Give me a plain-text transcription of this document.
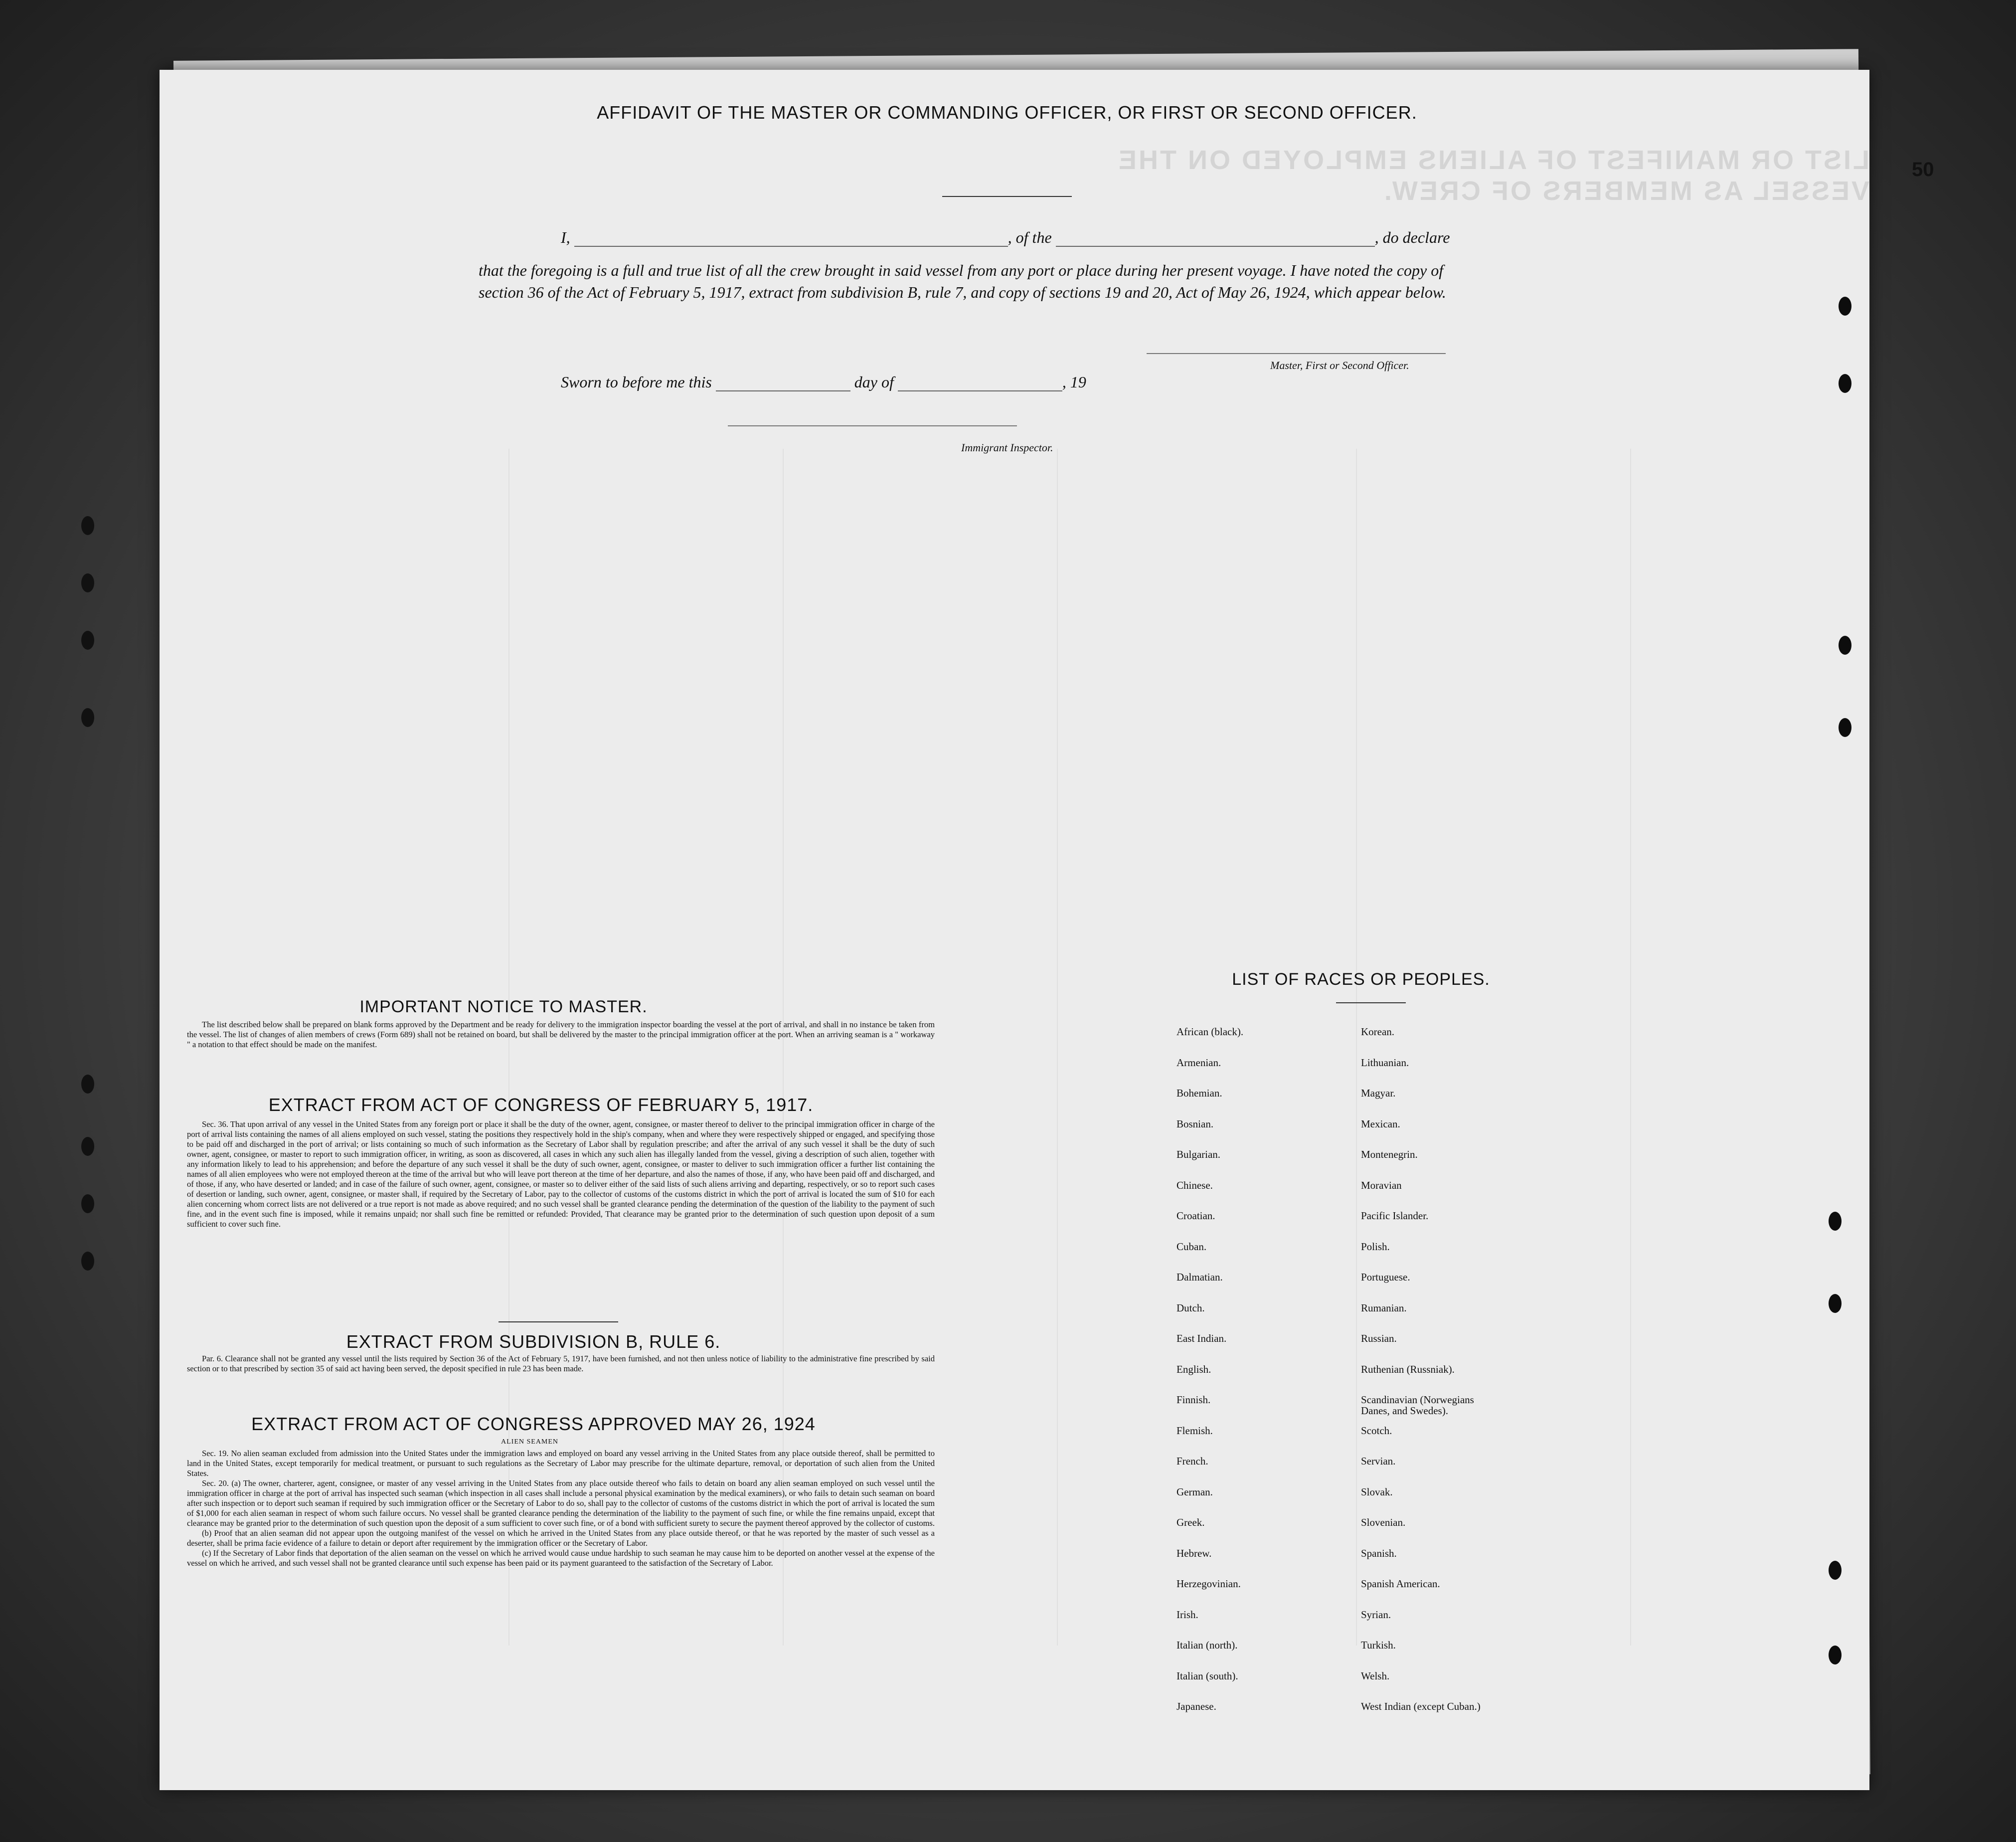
LIST OR MANIFEST OF ALIENS EMPLOYED ON THE VESSEL AS MEMBERS OF CREW.
50
AFFIDAVIT OF THE MASTER OR COMMANDING OFFICER, OR FIRST OR SECOND OFFICER.
I,	, of the	, do declare
that the foregoing is a full and true list of all the crew brought in said vessel from any port or place during her present voyage. I have noted the copy of section 36 of the Act of February 5, 1917, extract from subdivision B, rule 7, and copy of sections 19 and 20, Act of May 26, 1924, which appear below.
Master, First or Second Officer.
Sworn to before me this	day of	, 19
Immigrant Inspector.
IMPORTANT NOTICE TO MASTER.

The list described below shall be prepared on blank forms approved by the Department and be ready for delivery to the immigration inspector boarding the vessel at the port of arrival, and shall in no instance be taken from the vessel. The list of changes of alien members of crews (Form 689) shall not be retained on board, but shall be delivered by the master to the principal immigration officer at the port. When an arriving seaman is a " workaway " a notation to that effect should be made on the manifest.

EXTRACT FROM ACT OF CONGRESS OF FEBRUARY 5, 1917.

Sec. 36. That upon arrival of any vessel in the United States from any foreign port or place it shall be the duty of the owner, agent, consignee, or master thereof to deliver to the principal immigration officer in charge of the port of arrival lists containing the names of all aliens employed on such vessel, stating the positions they respectively hold in the ship's company, when and where they were respectively shipped or engaged, and specifying those to be paid off and discharged in the port of arrival; or lists containing so much of such information as the Secretary of Labor shall by regulation prescribe; and after the arrival of any such vessel it shall be the duty of such owner, agent, consignee, or master to report to such immigration officer, in writing, as soon as discovered, all cases in which any such alien has illegally landed from the vessel, giving a description of such alien, together with any information likely to lead to his apprehension; and before the departure of any such vessel it shall be the duty of such owner, agent, consignee, or master to deliver to such immigration officer a further list containing the names of all alien employees who were not employed thereon at the time of the arrival but who will leave port thereon at the time of her departure, and also the names of those, if any, who have been paid off and discharged, and of those, if any, who have deserted or landed; and in case of the failure of such owner, agent, consignee, or master so to deliver either of the said lists of such aliens arriving and departing, respectively, or so to report such cases of desertion or landing, such owner, agent, consignee, or master shall, if required by the Secretary of Labor, pay to the collector of customs of the customs district in which the port of arrival is located the sum of $10 for each alien concerning whom correct lists are not delivered or a true report is not made as above required; and no such vessel shall be granted clearance pending the determination of the question of the liability to the payment of such fine, and in the event such fine is imposed, while it remains unpaid; nor shall such fine be remitted or refunded: Provided, That clearance may be granted prior to the determination of such question upon deposit of a sum sufficient to cover such fine.

EXTRACT FROM SUBDIVISION B, RULE 6.

Par. 6. Clearance shall not be granted any vessel until the lists required by Section 36 of the Act of February 5, 1917, have been furnished, and not then unless notice of liability to the administrative fine prescribed by said section or to that prescribed by section 35 of said act having been served, the deposit specified in rule 23 has been made.

EXTRACT FROM ACT OF CONGRESS APPROVED MAY 26, 1924
ALIEN SEAMEN

Sec. 19. No alien seaman excluded from admission into the United States under the immigration laws and employed on board any vessel arriving in the United States from any place outside thereof, shall be permitted to land in the United States, except temporarily for medical treatment, or pursuant to such regulations as the Secretary of Labor may prescribe for the ultimate departure, removal, or deportation of such alien from the United States.

Sec. 20. (a) The owner, charterer, agent, consignee, or master of any vessel arriving in the United States from any place outside thereof who fails to detain on board any alien seaman employed on such vessel until the immigration officer in charge at the port of arrival has inspected such seaman (which inspection in all cases shall include a personal physical examination by the medical examiners), or who fails to detain such seaman on board after such inspection or to deport such seaman if required by such immigration officer or the Secretary of Labor to do so, shall pay to the collector of customs of the customs district in which the port of arrival is located the sum of $1,000 for each alien seaman in respect of whom such failure occurs. No vessel shall be granted clearance pending the determination of the liability to the payment of such fine, or while the fine remains unpaid, except that clearance may be granted prior to the determination of such question upon the deposit of a sum sufficient to cover such fine, or of a bond with sufficient surety to secure the payment thereof approved by the collector of customs.

(b) Proof that an alien seaman did not appear upon the outgoing manifest of the vessel on which he arrived in the United States from any place outside thereof, or that he was reported by the master of such vessel as a deserter, shall be prima facie evidence of a failure to detain or deport after requirement by the immigration officer or the Secretary of Labor.

(c) If the Secretary of Labor finds that deportation of the alien seaman on the vessel on which he arrived would cause undue hardship to such seaman he may cause him to be deported on another vessel at the expense of the vessel on which he arrived, and such vessel shall not be granted clearance until such expense has been paid or its payment guaranteed to the satisfaction of the Secretary of Labor.

LIST OF RACES OR PEOPLES.
African (black).
Armenian.
Bohemian.
Bosnian.
Bulgarian.
Chinese.
Croatian.
Cuban.
Dalmatian.
Dutch.
East Indian.
English.
Finnish.
Flemish.
French.
German.
Greek.
Hebrew.
Herzegovinian.
Irish.
Italian (north).
Italian (south).
Japanese.
Korean.
Lithuanian.
Magyar.
Mexican.
Montenegrin.
Moravian
Pacific Islander.
Polish.
Portuguese.
Rumanian.
Russian.
Ruthenian (Russniak).
Scandinavian (Norwegians
Danes, and Swedes).
Scotch.
Servian.
Slovak.
Slovenian.
Spanish.
Spanish American.
Syrian.
Turkish.
Welsh.
West Indian (except Cuban.)
